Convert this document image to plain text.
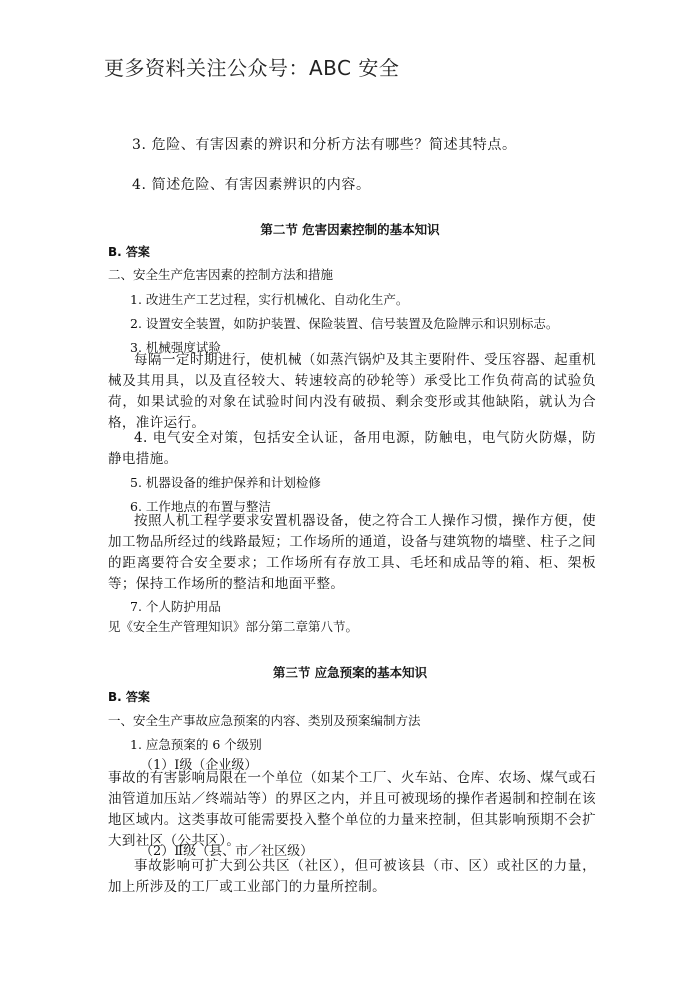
更多资料关注公众号：ABC 安全
3. 危险、有害因素的辨识和分析方法有哪些？简述其特点。
4. 简述危险、有害因素辨识的内容。
第二节 危害因素控制的基本知识
B. 答案
二、安全生产危害因素的控制方法和措施
1. 改进生产工艺过程，实行机械化、自动化生产。
2. 设置安全装置，如防护装置、保险装置、信号装置及危险牌示和识别标志。
3. 机械强度试验
每隔一定时期进行，使机械（如蒸汽锅炉及其主要附件、受压容器、起重机械及其用具，以及直径较大、转速较高的砂轮等）承受比工作负荷高的试验负荷，如果试验的对象在试验时间内没有破损、剩余变形或其他缺陷，就认为合格，准许运行。
4. 电气安全对策，包括安全认证，备用电源，防触电，电气防火防爆，防静电措施。
5. 机器设备的维护保养和计划检修
6. 工作地点的布置与整洁
按照人机工程学要求安置机器设备，使之符合工人操作习惯，操作方便，使加工物品所经过的线路最短；工作场所的通道，设备与建筑物的墙壁、柱子之间的距离要符合安全要求；工作场所有存放工具、毛坯和成品等的箱、柜、架板等；保持工作场所的整洁和地面平整。
7. 个人防护用品
见《安全生产管理知识》部分第二章第八节。
第三节 应急预案的基本知识
B. 答案
一、安全生产事故应急预案的内容、类别及预案编制方法
1. 应急预案的 6 个级别
（1）Ⅰ级（企业级）
事故的有害影响局限在一个单位（如某个工厂、火车站、仓库、农场、煤气或石油管道加压站／终端站等）的界区之内，并且可被现场的操作者遏制和控制在该地区域内。这类事故可能需要投入整个单位的力量来控制，但其影响预期不会扩大到社区（公共区）。
（2）Ⅱ级（县、市／社区级）
事故影响可扩大到公共区（社区），但可被该县（市、区）或社区的力量，加上所涉及的工厂或工业部门的力量所控制。
